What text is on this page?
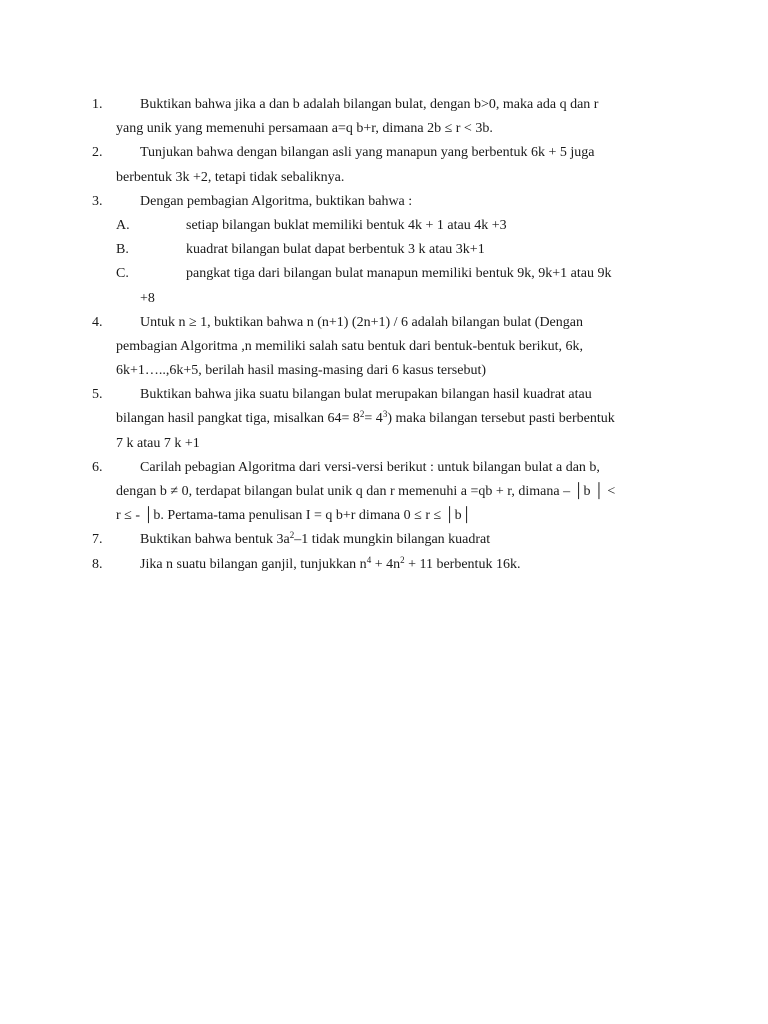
1.	Buktikan bahwa jika a dan b adalah bilangan bulat, dengan b>0, maka ada q dan r
yang unik yang memenuhi persamaan a=q b+r, dimana 2b ≤ r < 3b.
2.	Tunjukan bahwa dengan bilangan asli yang manapun yang berbentuk 6k + 5 juga
berbentuk 3k +2, tetapi tidak sebaliknya.
3.	Dengan pembagian Algoritma, buktikan bahwa :
A.	setiap bilangan buklat memiliki bentuk 4k + 1 atau 4k +3
B.	kuadrat bilangan bulat dapat berbentuk 3 k atau 3k+1
C.	pangkat tiga dari bilangan bulat manapun memiliki bentuk 9k, 9k+1 atau 9k
+8
4.	Untuk n ≥ 1, buktikan bahwa n (n+1) (2n+1) / 6 adalah bilangan bulat (Dengan
pembagian Algoritma ,n memiliki salah satu bentuk dari bentuk-bentuk berikut, 6k,
6k+1…..,6k+5, berilah hasil masing-masing dari 6 kasus tersebut)
5.	Buktikan bahwa jika suatu bilangan bulat merupakan bilangan hasil kuadrat atau
bilangan hasil pangkat tiga, misalkan $64= 8^2= 4^3$) maka bilangan tersebut pasti berbentuk
7 k atau 7 k +1
6.	Carilah pebagian Algoritma dari versi-versi berikut : untuk bilangan bulat a dan b,
dengan b ≠ 0, terdapat bilangan bulat unik q dan r memenuhi a =qb + r, dimana – │b │ <
r ≤ - │b. Pertama-tama penulisan I = q b+r dimana 0 ≤ r ≤ │b│
7.	Buktikan bahwa bentuk $3a^2-1$ tidak mungkin bilangan kuadrat
8.	Jika n suatu bilangan ganjil, tunjukkan $n^4 + 4n^2 + 11$ berbentuk 16k.
